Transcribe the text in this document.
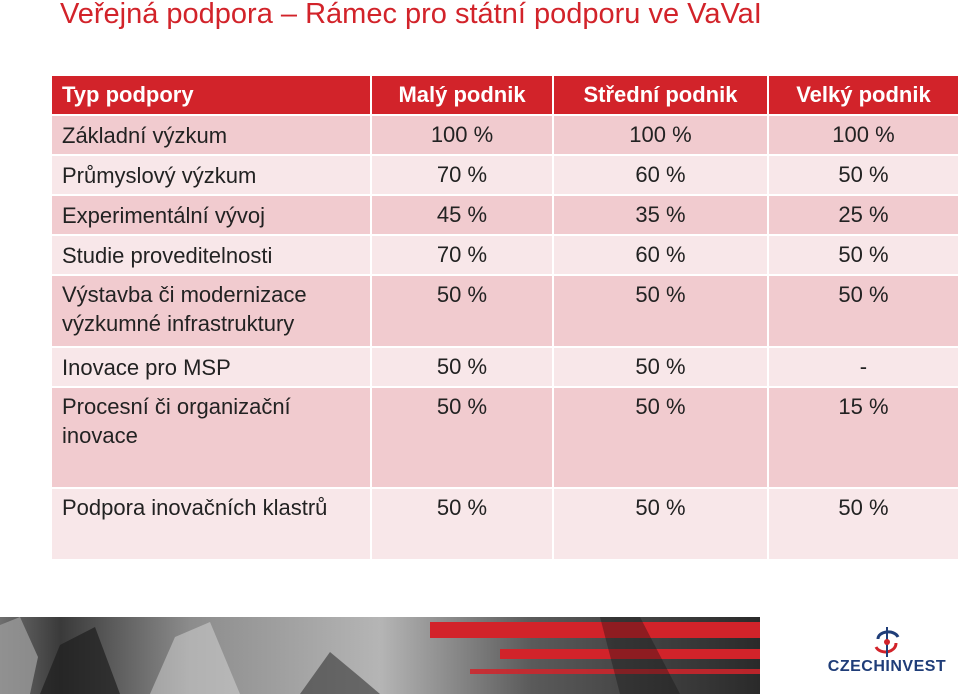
Veřejná podpora – Rámec pro státní podporu ve VaVaI
Typ podpory	Malý podnik	Střední podnik	Velký podnik
Základní výzkum	100 %	100 %	100 %
Průmyslový výzkum	70 %	60 %	50 %
Experimentální vývoj	45 %	35 %	25 %
Studie proveditelnosti	70 %	60 %	50 %
Výstavba či modernizace výzkumné infrastruktury	50 %	50 %	50 %
Inovace pro MSP	50 %	50 %	-
Procesní či organizační inovace	50 %	50 %	15 %
Podpora inovačních klastrů	50 %	50 %	50 %
CZECHINVEST
